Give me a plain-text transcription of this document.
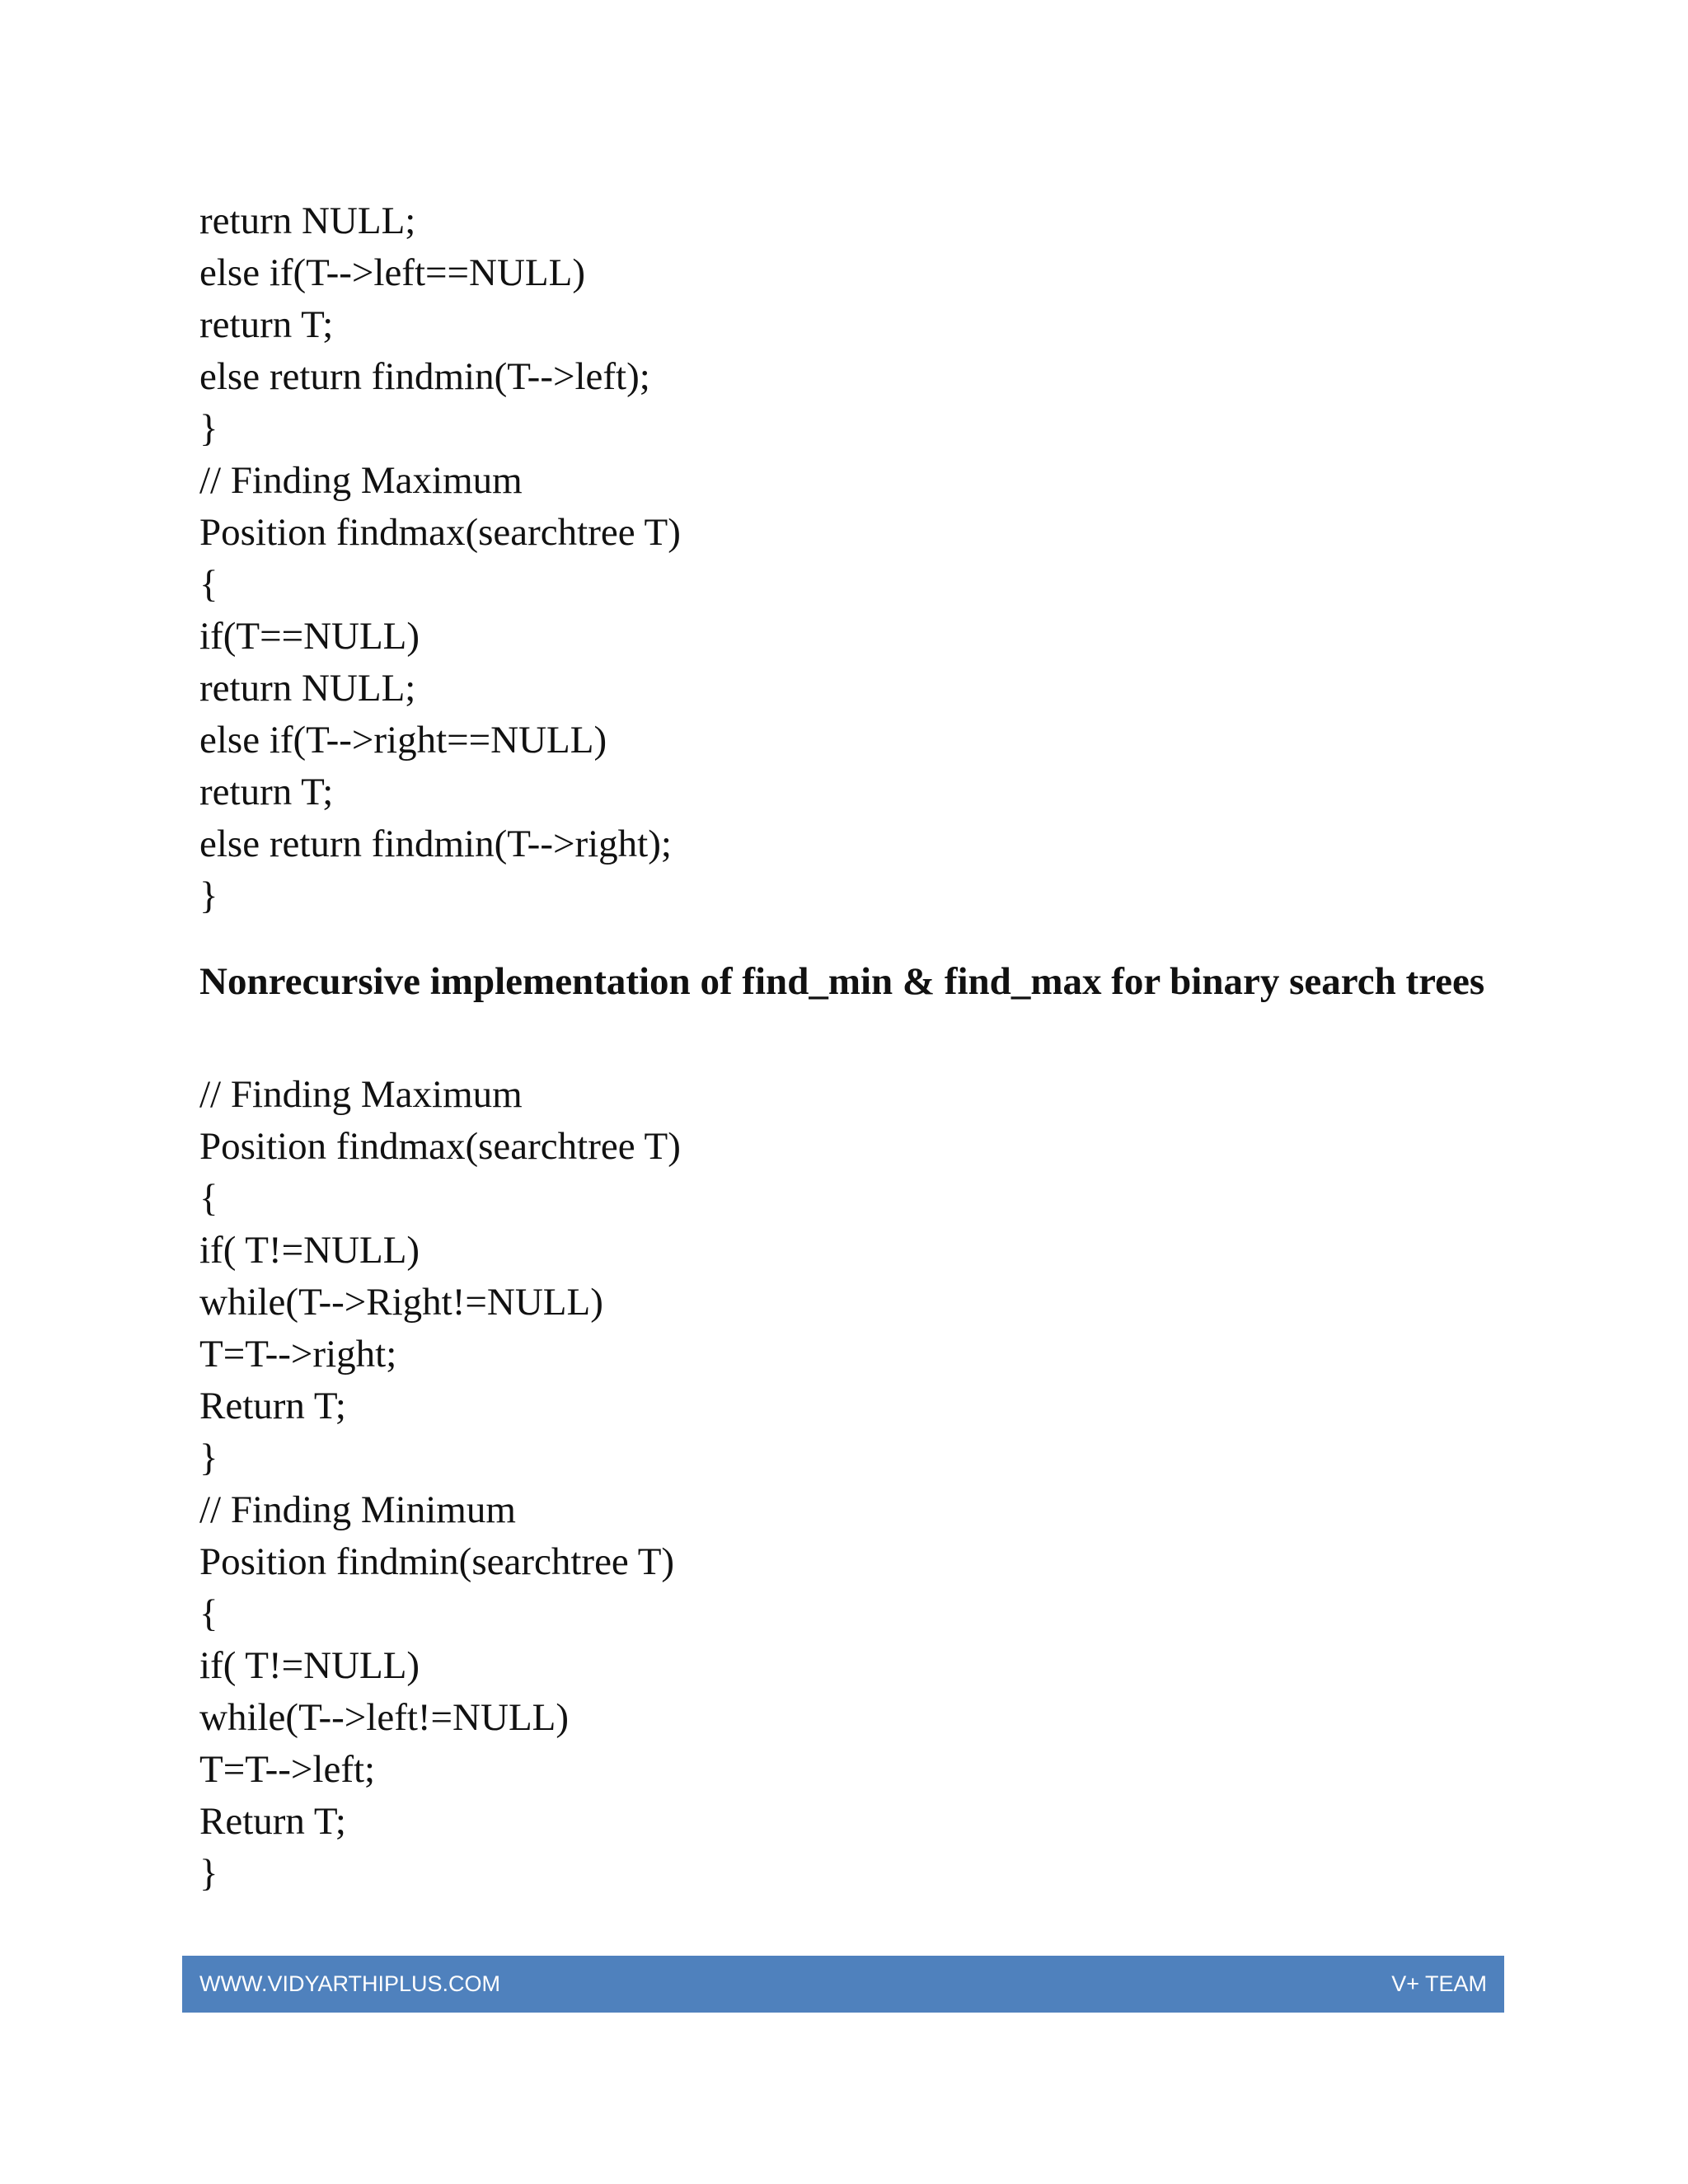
return NULL;
else if(T-->left==NULL)
return T;
else return findmin(T-->left);
}
// Finding Maximum
Position findmax(searchtree T)
{
if(T==NULL)
return NULL;
else if(T-->right==NULL)
return T;
else return findmin(T-->right);
}
Nonrecursive implementation of find_min & find_max for binary search trees
// Finding Maximum
Position findmax(searchtree T)
{
if( T!=NULL)
while(T-->Right!=NULL)
T=T-->right;
Return T;
}
// Finding Minimum
Position findmin(searchtree T)
{
if( T!=NULL)
while(T-->left!=NULL)
T=T-->left;
Return T;
}
WWW.VIDYARTHIPLUS.COM	V+ TEAM
